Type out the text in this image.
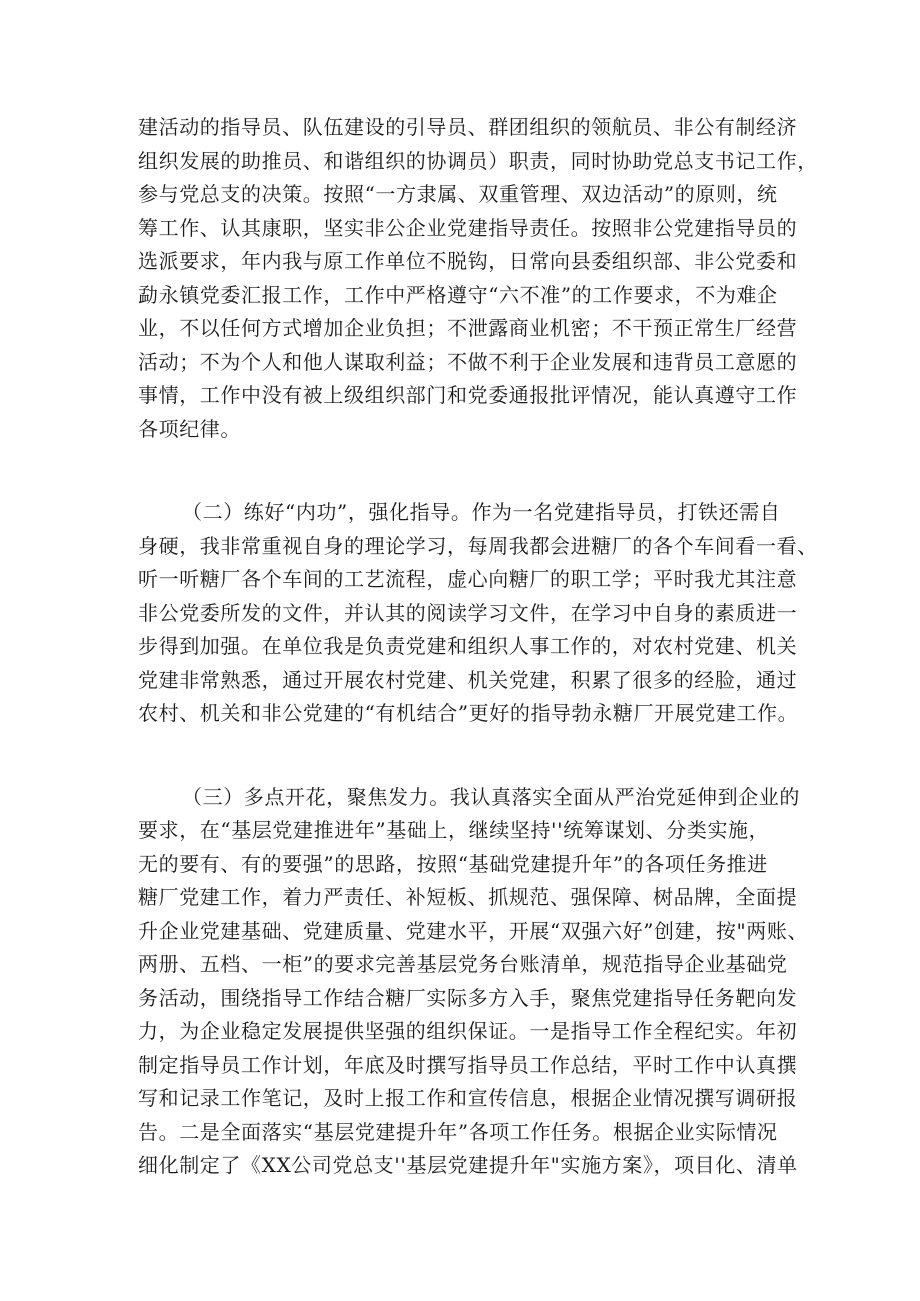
建活动的指导员、队伍建设的引导员、群团组织的领航员、非公有制经济
组织发展的助推员、和谐组织的协调员）职责，同时协助党总支书记工作，
参与党总支的决策。按照“一方隶属、双重管理、双边活动”的原则，统
筹工作、认其康职，坚实非公企业党建指导责任。按照非公党建指导员的
选派要求，年内我与原工作单位不脱钩，日常向县委组织部、非公党委和
勐永镇党委汇报工作，工作中严格遵守“六不准”的工作要求，不为难企
业，不以任何方式增加企业负担；不泄露商业机密；不干预正常生厂经营
活动；不为个人和他人谋取利益；不做不利于企业发展和违背员工意愿的
事情，工作中没有被上级组织部门和党委通报批评情况，能认真遵守工作
各项纪律。
（二）练好“内功”，强化指导。作为一名党建指导员，打铁还需自
身硬，我非常重视自身的理论学习，每周我都会进糖厂的各个车间看一看、
听一听糖厂各个车间的工艺流程，虚心向糖厂的职工学；平时我尤其注意
非公党委所发的文件，并认其的阅读学习文件，在学习中自身的素质进一
步得到加强。在单位我是负责党建和组织人事工作的，对农村党建、机关
党建非常熟悉，通过开展农村党建、机关党建，积累了很多的经脸，通过
农村、机关和非公党建的“有机结合”更好的指导勃永糖厂开展党建工作。
（三）多点开花，聚焦发力。我认真落实全面从严治党延伸到企业的
要求，在“基层党建推进年”基础上，继续坚持''统筹谋划、分类实施，
无的要有、有的要强”的思路，按照“基础党建提升年”的各项任务推进
糖厂党建工作，着力严责任、补短板、抓规范、强保障、树品牌，全面提
升企业党建基础、党建质量、党建水平，开展“双强六好”创建，按"两账、
两册、五档、一柜”的要求完善基层党务台账清单，规范指导企业基础党
务活动，围绕指导工作结合糖厂实际多方入手，聚焦党建指导任务靶向发
力，为企业稳定发展提供坚强的组织保证。一是指导工作全程纪实。年初
制定指导员工作计划，年底及时撰写指导员工作总结，平时工作中认真撰
写和记录工作笔记，及时上报工作和宣传信息，根据企业情况撰写调研报
告。二是全面落实“基层党建提升年”各项工作任务。根据企业实际情况
细化制定了《XX公司党总支''基层党建提升年"实施方案》，项目化、清单
